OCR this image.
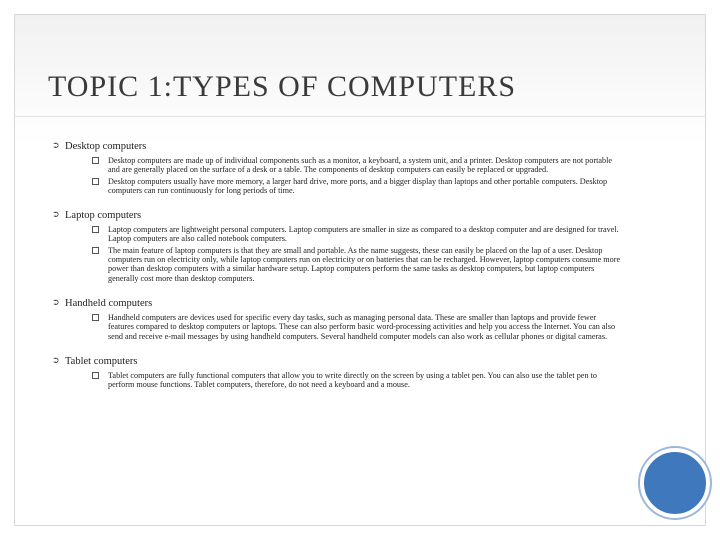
TOPIC 1:TYPES OF COMPUTERS
➲ Desktop computers
Desktop computers are made up of individual components such as a monitor, a keyboard, a system unit, and a printer. Desktop computers are not portable and are generally placed on the surface of a desk or a table. The components of desktop computers can easily be replaced or upgraded.
Desktop computers usually have more memory, a larger hard drive, more ports, and a bigger display than laptops and other portable computers. Desktop computers can run continuously for long periods of time.
➲ Laptop computers
Laptop computers are lightweight personal computers. Laptop computers are smaller in size as compared to a desktop computer and are designed for travel. Laptop computers are also called notebook computers.
The main feature of laptop computers is that they are small and portable. As the name suggests, these can easily be placed on the lap of a user. Desktop computers run on electricity only, while laptop computers run on electricity or on batteries that can be recharged. However, laptop computers consume more power than desktop computers with a similar hardware setup. Laptop computers perform the same tasks as desktop computers, but laptop computers generally cost more than desktop computers.
➲ Handheld computers
Handheld computers are devices used for specific every day tasks, such as managing personal data. These are smaller than laptops and provide fewer features compared to desktop computers or laptops. These can also perform basic word-processing activities and help you access the Internet. You can also send and receive e-mail messages by using handheld computers. Several handheld computer models can also work as cellular phones or digital cameras.
➲ Tablet computers
Tablet computers are fully functional computers that allow you to write directly on the screen by using a tablet pen. You can also use the tablet pen to perform mouse functions. Tablet computers, therefore, do not need a keyboard and a mouse.
